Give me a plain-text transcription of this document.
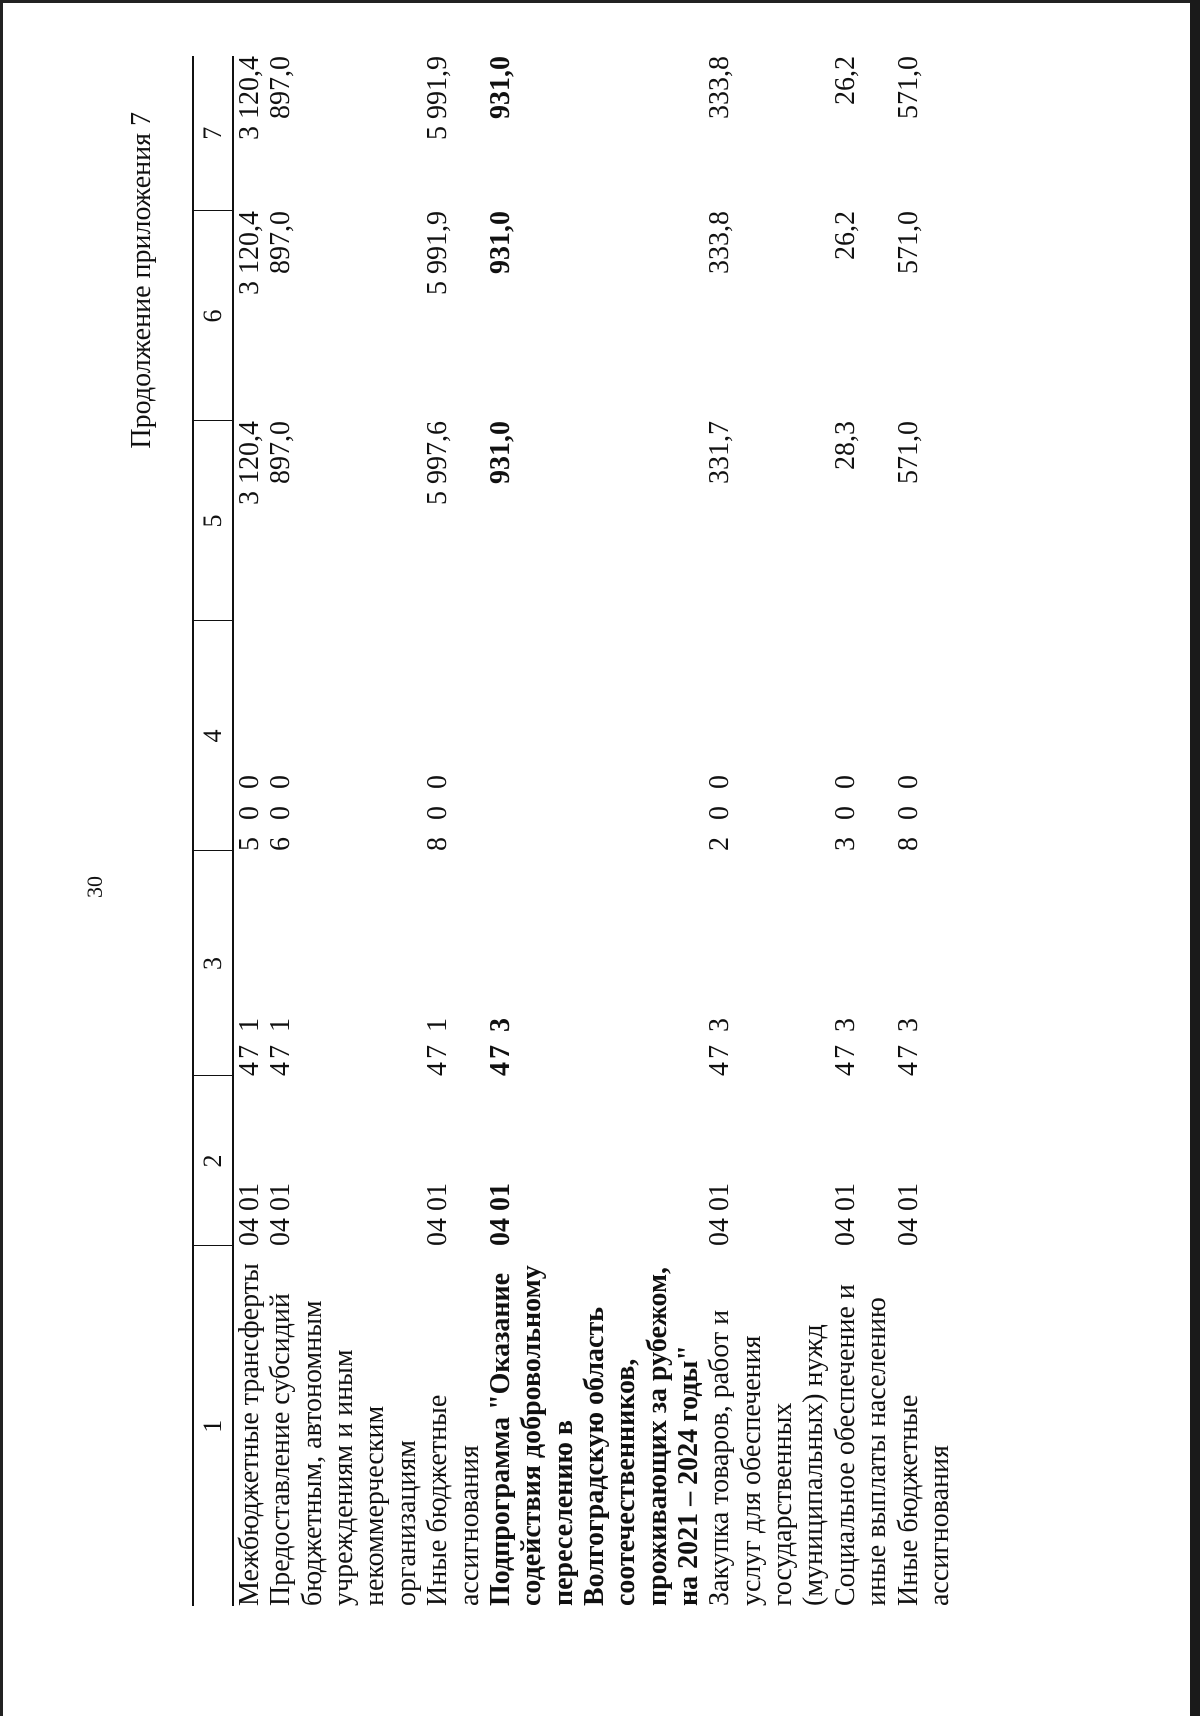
30
Продолжение приложения 7
1	2	3	4	5	6	7
Межбюджетные трансферты	04 01	47 1	5 0 0	3 120,4	3 120,4	3 120,4
Предоставление субсидий бюджетным, автономным учреждениям и иным некоммерческим организациям	04 01	47 1	6 0 0	897,0	897,0	897,0
Иные бюджетные ассигнования	04 01	47 1	8 0 0	5 997,6	5 991,9	5 991,9
Подпрограмма "Оказание содействия добровольному переселению в Волгоградскую область соотечественников, проживающих за рубежом, на 2021 – 2024 годы"	04 01	47 3		931,0	931,0	931,0
Закупка товаров, работ и услуг для обеспечения государственных (муниципальных) нужд	04 01	47 3	2 0 0	331,7	333,8	333,8
Социальное обеспечение и иные выплаты населению	04 01	47 3	3 0 0	28,3	26,2	26,2
Иные бюджетные ассигнования	04 01	47 3	8 0 0	571,0	571,0	571,0
